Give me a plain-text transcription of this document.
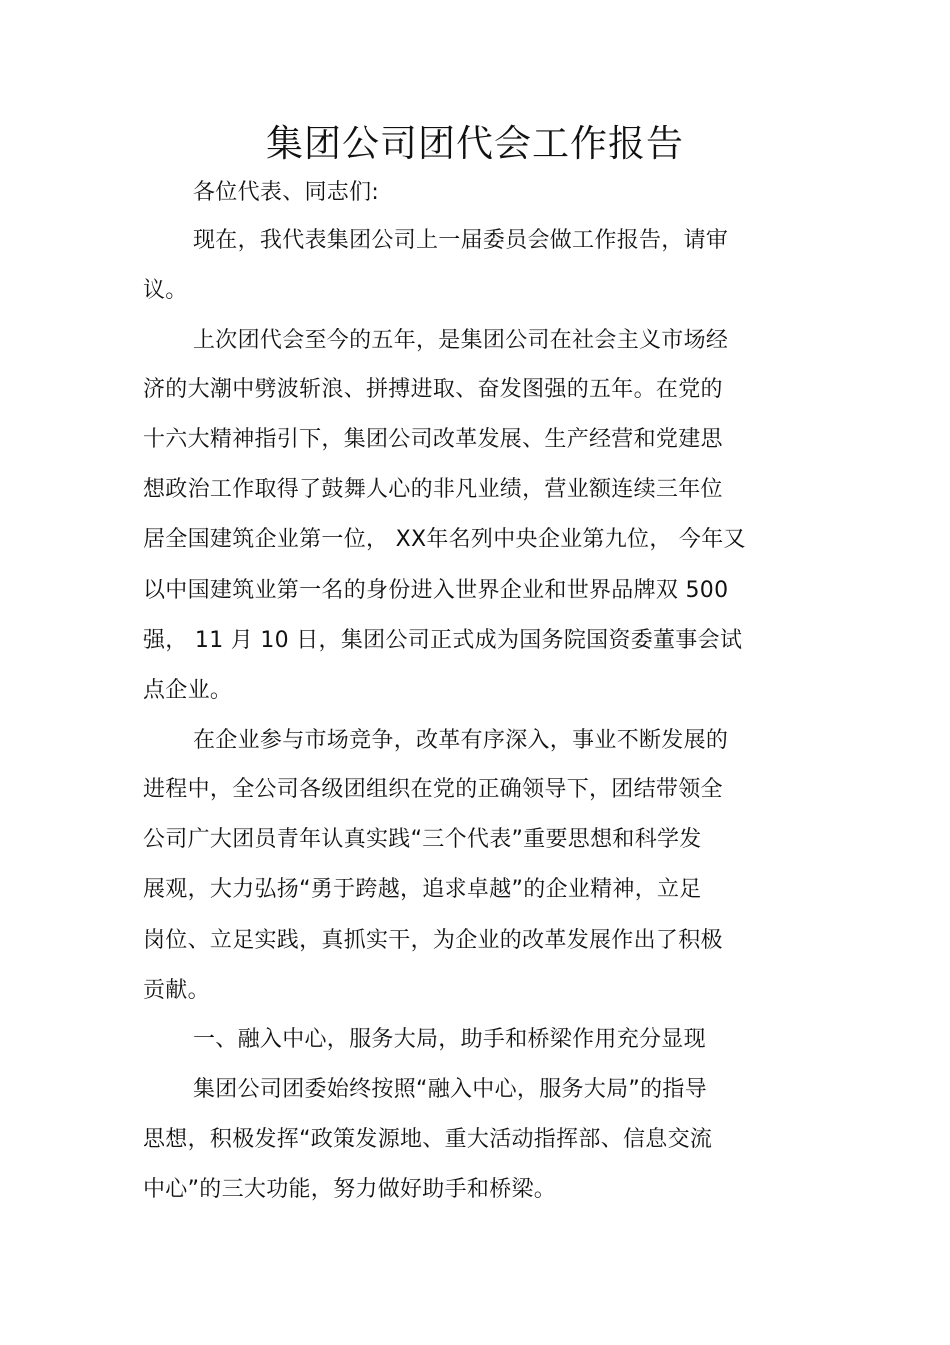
集团公司团代会工作报告
各位代表、同志们:
现在，我代表集团公司上一届委员会做工作报告，请审
议。
上次团代会至今的五年，是集团公司在社会主义市场经
济的大潮中劈波斩浪、拼搏进取、奋发图强的五年。在党的
十六大精神指引下，集团公司改革发展、生产经营和党建思
想政治工作取得了鼓舞人心的非凡业绩，营业额连续三年位
居全国建筑企业第一位， XX年名列中央企业第九位， 今年又
以中国建筑业第一名的身份进入世界企业和世界品牌双 500
强， 11 月 10 日，集团公司正式成为国务院国资委董事会试
点企业。
在企业参与市场竞争，改革有序深入，事业不断发展的
进程中，全公司各级团组织在党的正确领导下，团结带领全
公司广大团员青年认真实践“三个代表”重要思想和科学发
展观，大力弘扬“勇于跨越，追求卓越”的企业精神，立足
岗位、立足实践，真抓实干，为企业的改革发展作出了积极
贡献。
一、融入中心，服务大局，助手和桥梁作用充分显现
集团公司团委始终按照“融入中心，服务大局”的指导
思想，积极发挥“政策发源地、重大活动指挥部、信息交流
中心”的三大功能，努力做好助手和桥梁。
